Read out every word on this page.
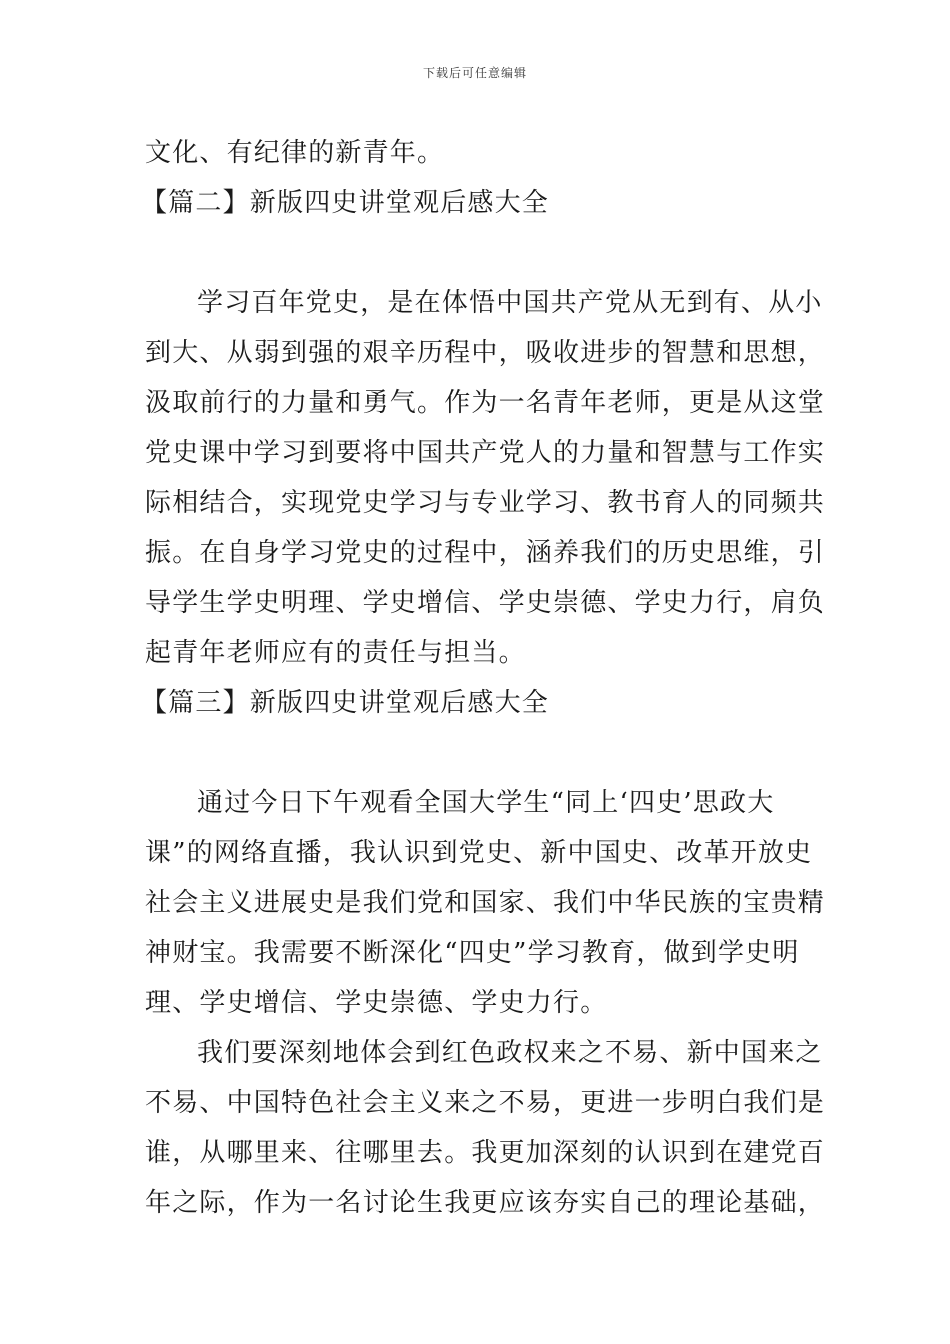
下载后可任意编辑
文化、有纪律的新青年。
【篇二】新版四史讲堂观后感大全
学习百年党史，是在体悟中国共产党从无到有、从小
到大、从弱到强的艰辛历程中，吸收进步的智慧和思想，
汲取前行的力量和勇气。作为一名青年老师，更是从这堂
党史课中学习到要将中国共产党人的力量和智慧与工作实
际相结合，实现党史学习与专业学习、教书育人的同频共
振。在自身学习党史的过程中，涵养我们的历史思维，引
导学生学史明理、学史增信、学史崇德、学史力行，肩负
起青年老师应有的责任与担当。
【篇三】新版四史讲堂观后感大全
通过今日下午观看全国大学生“同上‘四史’思政大
课”的网络直播，我认识到党史、新中国史、改革开放史
社会主义进展史是我们党和国家、我们中华民族的宝贵精
神财宝。我需要不断深化“四史”学习教育，做到学史明
理、学史增信、学史崇德、学史力行。
我们要深刻地体会到红色政权来之不易、新中国来之
不易、中国特色社会主义来之不易，更进一步明白我们是
谁，从哪里来、往哪里去。我更加深刻的认识到在建党百
年之际，作为一名讨论生我更应该夯实自己的理论基础，
